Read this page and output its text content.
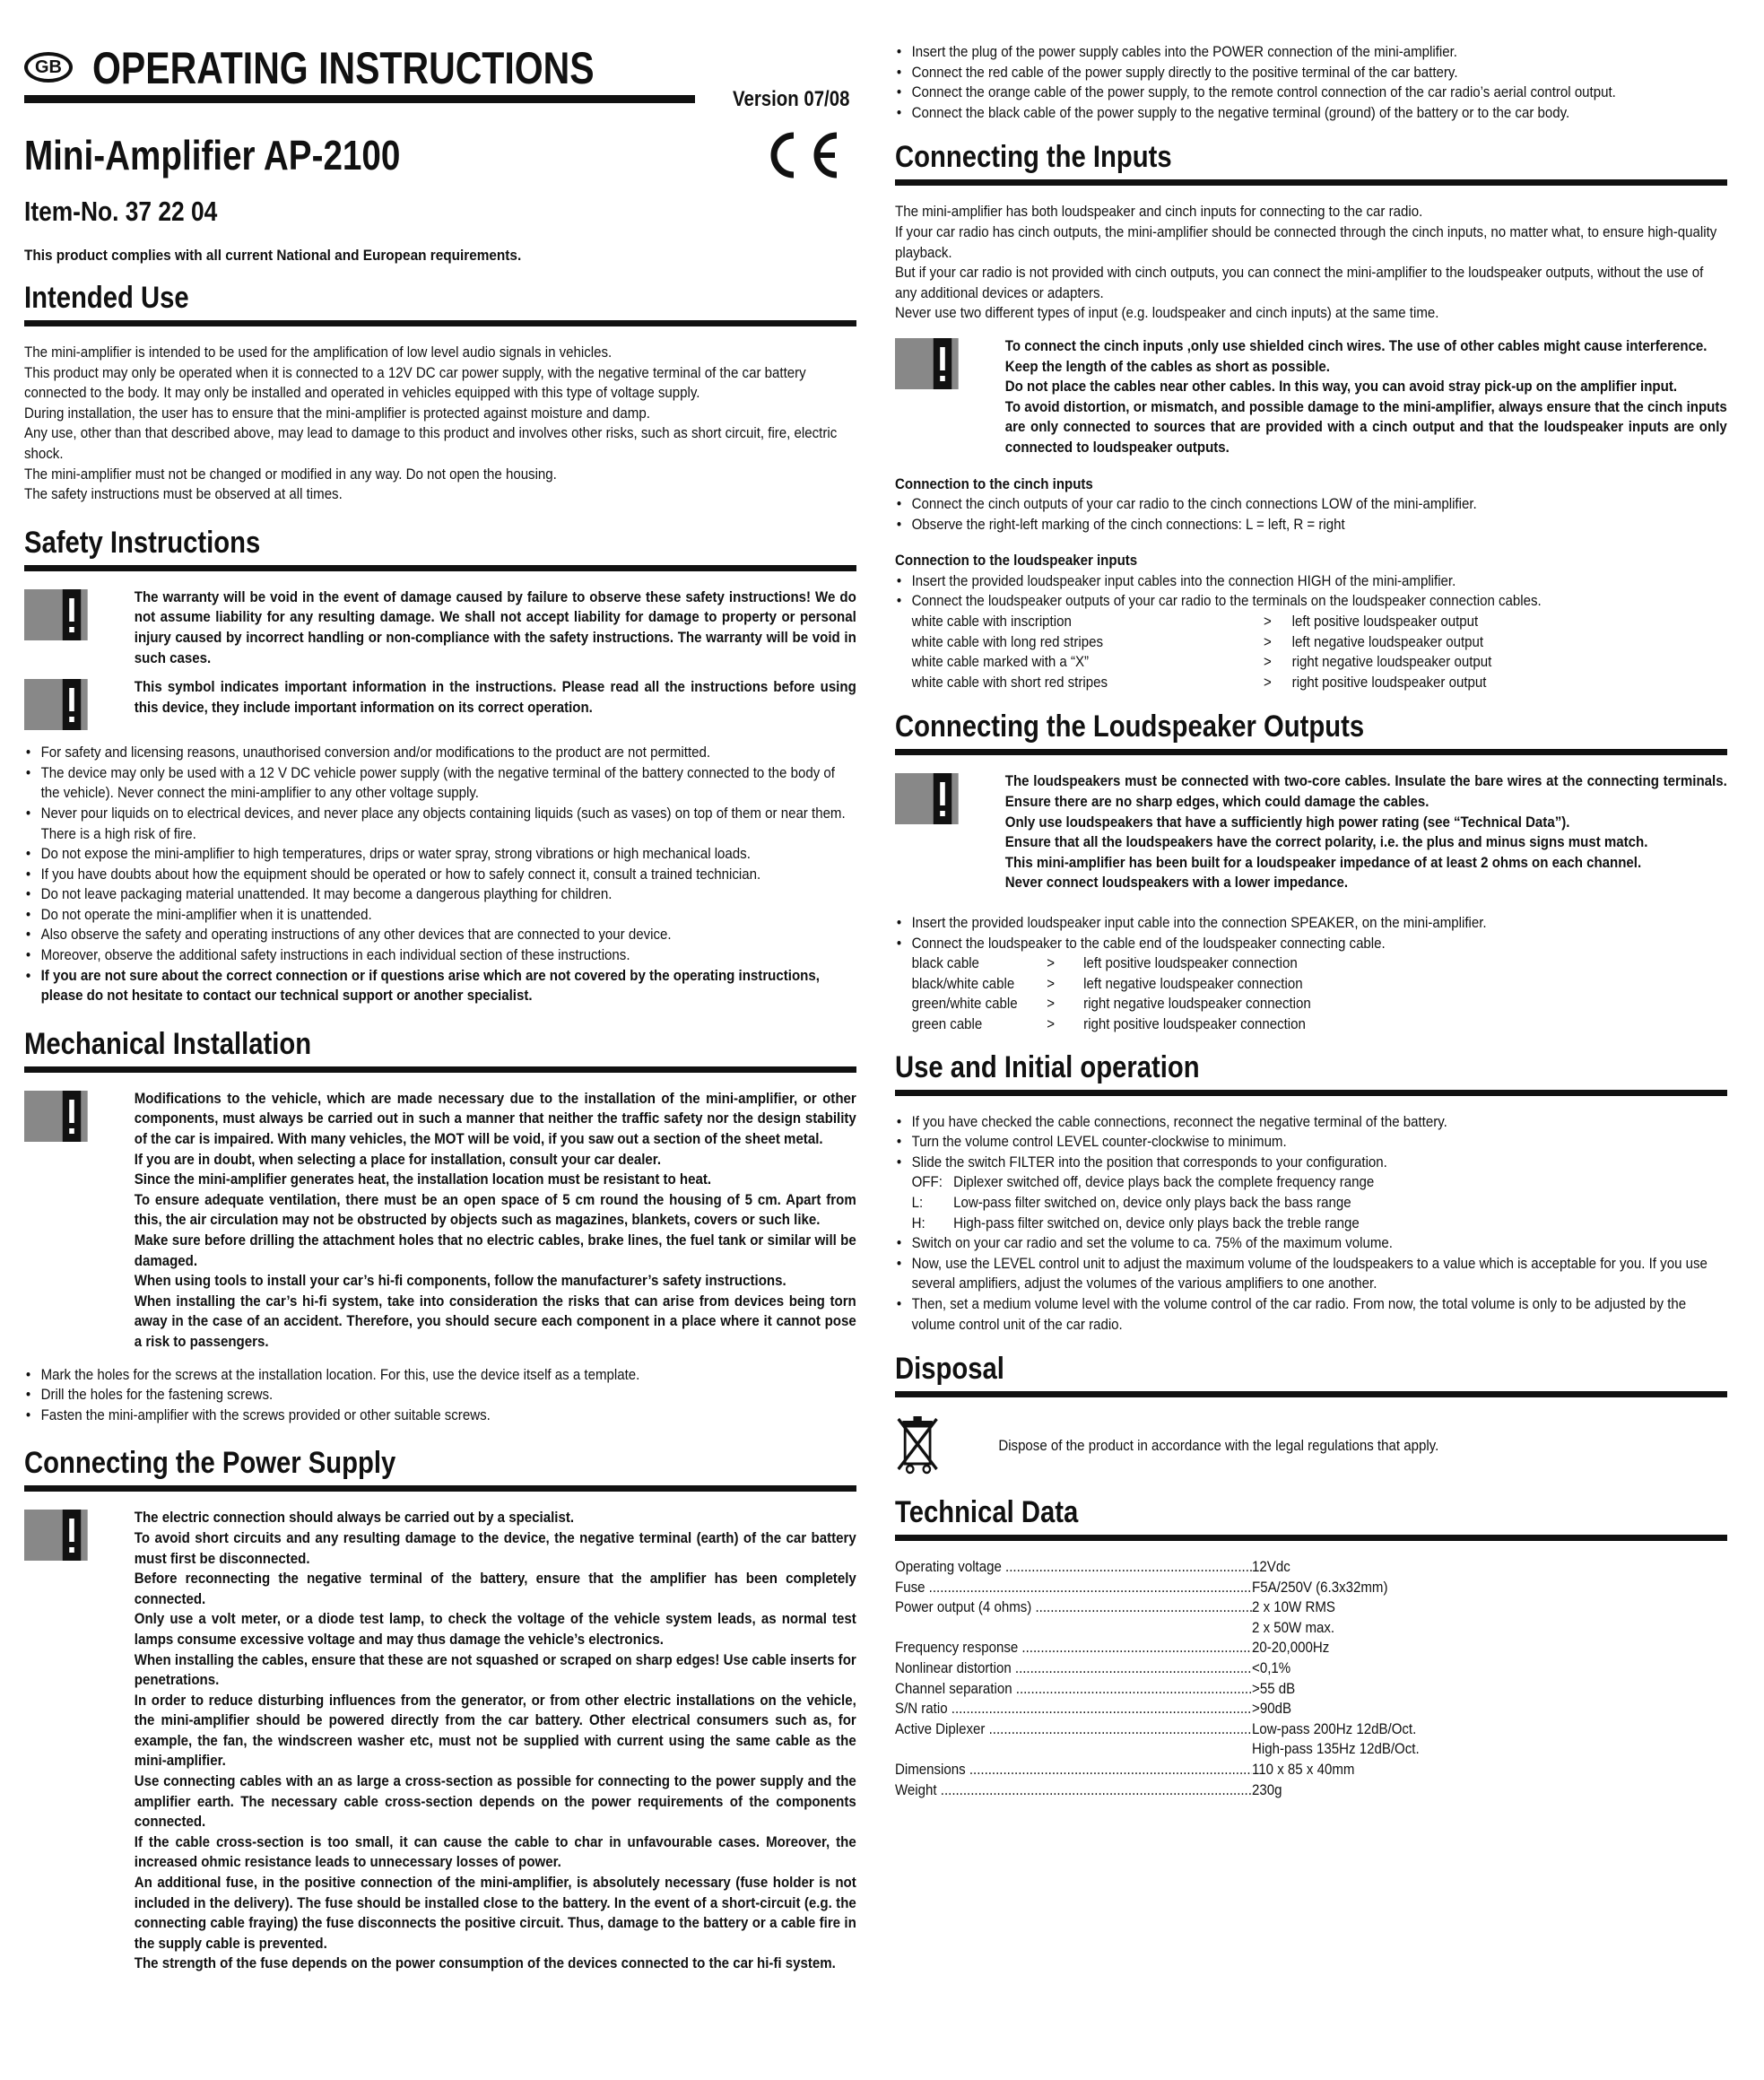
GB OPERATING INSTRUCTIONS
Version 07/08
Mini-Amplifier AP-2100
Item-No. 37 22 04
This product complies with all current National and European requirements.
Intended Use
The mini-amplifier is intended to be used for the amplification of low level audio signals in vehicles.
This product may only be operated when it is connected to a 12V DC car power supply, with the negative terminal of the car battery connected to the body. It may only be installed and operated in vehicles equipped with this type of voltage supply.
During installation, the user has to ensure that the mini-amplifier is protected against moisture and damp.
Any use, other than that described above, may lead to damage to this product and involves other risks, such as short circuit, fire, electric shock.
The mini-amplifier must not be changed or modified in any way. Do not open the housing.
The safety instructions must be observed at all times.
Safety Instructions
The warranty will be void in the event of damage caused by failure to observe these safety instructions! We do not assume liability for any resulting damage. We shall not accept liability for damage to property or personal injury caused by incorrect handling or non-compliance with the safety instructions. The warranty will be void in such cases.
This symbol indicates important information in the instructions. Please read all the instructions before using this device, they include important information on its correct operation.
• For safety and licensing reasons, unauthorised conversion and/or modifications to the product are not permitted.
• The device may only be used with a 12 V DC vehicle power supply (with the negative terminal of the battery connected to the body of the vehicle). Never connect the mini-amplifier to any other voltage supply.
• Never pour liquids on to electrical devices, and never place any objects containing liquids (such as vases) on top of them or near them. There is a high risk of fire.
• Do not expose the mini-amplifier to high temperatures, drips or water spray, strong vibrations or high mechanical loads.
• If you have doubts about how the equipment should be operated or how to safely connect it, consult a trained technician.
• Do not leave packaging material unattended. It may become a dangerous plaything for children.
• Do not operate the mini-amplifier when it is unattended.
• Also observe the safety and operating instructions of any other devices that are connected to your device.
• Moreover, observe the additional safety instructions in each individual section of these instructions.
• If you are not sure about the correct connection or if questions arise which are not covered by the operating instructions, please do not hesitate to contact our technical support or another specialist.
Mechanical Installation
Modifications to the vehicle, which are made necessary due to the installation of the mini-amplifier, or other components, must always be carried out in such a manner that neither the traffic safety nor the design stability of the car is impaired. With many vehicles, the MOT will be void, if you saw out a section of the sheet metal.
If you are in doubt, when selecting a place for installation, consult your car dealer.
Since the mini-amplifier generates heat, the installation location must be resistant to heat.
To ensure adequate ventilation, there must be an open space of 5 cm round the housing of 5 cm. Apart from this, the air circulation may not be obstructed by objects such as magazines, blankets, covers or such like.
Make sure before drilling the attachment holes that no electric cables, brake lines, the fuel tank or similar will be damaged.
When using tools to install your car’s hi-fi components, follow the manufacturer’s safety instructions.
When installing the car’s hi-fi system, take into consideration the risks that can arise from devices being torn away in the case of an accident. Therefore, you should secure each component in a place where it cannot pose a risk to passengers.
• Mark the holes for the screws at the installation location. For this, use the device itself as a template.
• Drill the holes for the fastening screws.
• Fasten the mini-amplifier with the screws provided or other suitable screws.
Connecting the Power Supply
The electric connection should always be carried out by a specialist.
To avoid short circuits and any resulting damage to the device, the negative terminal (earth) of the car battery must first be disconnected.
Before reconnecting the negative terminal of the battery, ensure that the amplifier has been completely connected.
Only use a volt meter, or a diode test lamp, to check the voltage of the vehicle system leads, as normal test lamps consume excessive voltage and may thus damage the vehicle’s electronics.
When installing the cables, ensure that these are not squashed or scraped on sharp edges! Use cable inserts for penetrations.
In order to reduce disturbing influences from the generator, or from other electric installations on the vehicle, the mini-amplifier should be powered directly from the car battery. Other electrical consumers such as, for example, the fan, the windscreen washer etc, must not be supplied with current using the same cable as the mini-amplifier.
Use connecting cables with an as large a cross-section as possible for connecting to the power supply and the amplifier earth. The necessary cable cross-section depends on the power requirements of the components connected.
If the cable cross-section is too small, it can cause the cable to char in unfavourable cases. Moreover, the increased ohmic resistance leads to unnecessary losses of power.
An additional fuse, in the positive connection of the mini-amplifier, is absolutely necessary (fuse holder is not included in the delivery). The fuse should be installed close to the battery. In the event of a short-circuit (e.g. the connecting cable fraying) the fuse disconnects the positive circuit. Thus, damage to the battery or a cable fire in the supply cable is prevented.
The strength of the fuse depends on the power consumption of the devices connected to the car hi-fi system.
• Insert the plug of the power supply cables into the POWER connection of the mini-amplifier.
• Connect the red cable of the power supply directly to the positive terminal of the car battery.
• Connect the orange cable of the power supply, to the remote control connection of the car radio’s aerial control output.
• Connect the black cable of the power supply to the negative terminal (ground) of the battery or to the car body.
Connecting the Inputs
The mini-amplifier has both loudspeaker and cinch inputs for connecting to the car radio.
If your car radio has cinch outputs, the mini-amplifier should be connected through the cinch inputs, no matter what, to ensure high-quality playback.
But if your car radio is not provided with cinch outputs, you can connect the mini-amplifier to the loudspeaker outputs, without the use of any additional devices or adapters.
Never use two different types of input (e.g. loudspeaker and cinch inputs) at the same time.
To connect the cinch inputs ,only use shielded cinch wires. The use of other cables might cause interference.
Keep the length of the cables as short as possible.
Do not place the cables near other cables. In this way, you can avoid stray pick-up on the amplifier input.
To avoid distortion, or mismatch, and possible damage to the mini-amplifier, always ensure that the cinch inputs are only connected to sources that are provided with a cinch output and that the loudspeaker inputs are only connected to loudspeaker outputs.
Connection to the cinch inputs
• Connect the cinch outputs of your car radio to the cinch connections LOW of the mini-amplifier.
• Observe the right-left marking of the cinch connections: L = left, R = right
Connection to the loudspeaker inputs
• Insert the provided loudspeaker input cables into the connection HIGH of the mini-amplifier.
• Connect the loudspeaker outputs of your car radio to the terminals on the loudspeaker connection cables.
white cable with inscription	>	left positive loudspeaker output
white cable with long red stripes	>	left negative loudspeaker output
white cable marked with a “X”	>	right negative loudspeaker output
white cable with short red stripes	>	right positive loudspeaker output
Connecting the Loudspeaker Outputs
The loudspeakers must be connected with two-core cables. Insulate the bare wires at the connecting terminals. Ensure there are no sharp edges, which could damage the cables.
Only use loudspeakers that have a sufficiently high power rating (see “Technical Data”).
Ensure that all the loudspeakers have the correct polarity, i.e. the plus and minus signs must match.
This mini-amplifier has been built for a loudspeaker impedance of at least 2 ohms on each channel.
Never connect loudspeakers with a lower impedance.
• Insert the provided loudspeaker input cable into the connection SPEAKER, on the mini-amplifier.
• Connect the loudspeaker to the cable end of the loudspeaker connecting cable.
black cable	>	left positive loudspeaker connection
black/white cable	>	left negative loudspeaker connection
green/white cable	>	right negative loudspeaker connection
green cable	>	right positive loudspeaker connection
Use and Initial operation
• If you have checked the cable connections, reconnect the negative terminal of the battery.
• Turn the volume control LEVEL counter-clockwise to minimum.
• Slide the switch FILTER into the position that corresponds to your configuration.
OFF: Diplexer switched off, device plays back the complete frequency range
L:	Low-pass filter switched on, device only plays back the bass range
H:	High-pass filter switched on, device only plays back the treble range
• Switch on your car radio and set the volume to ca. 75% of the maximum volume.
• Now, use the LEVEL control unit to adjust the maximum volume of the loudspeakers to a value which is acceptable for you. If you use several amplifiers, adjust the volumes of the various amplifiers to one another.
• Then, set a medium volume level with the volume control of the car radio. From now, the total volume is only to be adjusted by the volume control unit of the car radio.
Disposal
Dispose of the product in accordance with the legal regulations that apply.
Technical Data
Operating voltage .....	12Vdc
Fuse .....	F5A/250V (6.3x32mm)
Power output (4 ohms) .....	2 x 10W RMS
2 x 50W max.
Frequency response .....	20-20,000Hz
Nonlinear distortion .....	<0,1%
Channel separation .....	>55 dB
S/N ratio .....	>90dB
Active Diplexer .....	Low-pass 200Hz 12dB/Oct.
High-pass 135Hz 12dB/Oct.
Dimensions .....	110 x 85 x 40mm
Weight .....	230g
